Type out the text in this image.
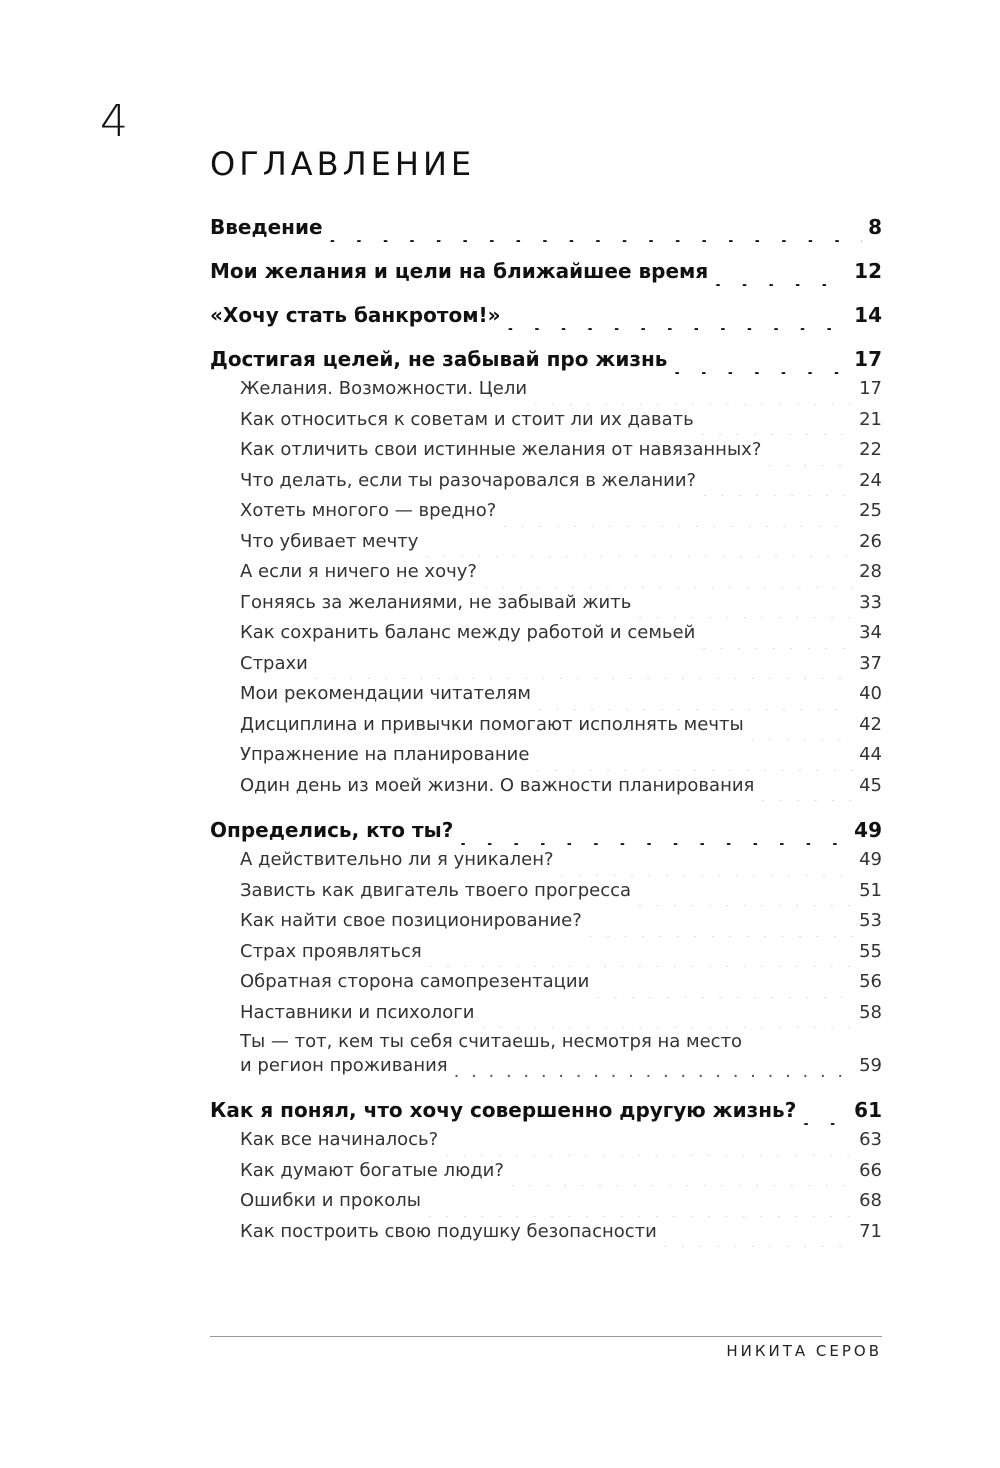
4
ОГЛАВЛЕНИЕ
Введение . . .	8
Мои желания и цели на ближайшее время . . .	12
«Хочу стать банкротом!» . . .	14
Достигая целей, не забывай про жизнь . . .	17
Желания. Возможности. Цели . . .	17
Как относиться к советам и стоит ли их давать . . .	21
Как отличить свои истинные желания от навязанных? . . .	22
Что делать, если ты разочаровался в желании? . . .	24
Хотеть многого — вредно? . . .	25
Что убивает мечту . . .	26
А если я ничего не хочу? . . .	28
Гоняясь за желаниями, не забывай жить . . .	33
Как сохранить баланс между работой и семьей . . .	34
Страхи . . .	37
Мои рекомендации читателям . . .	40
Дисциплина и привычки помогают исполнять мечты . . .	42
Упражнение на планирование . . .	44
Один день из моей жизни. О важности планирования . . .	45
Определись, кто ты? . . .	49
А действительно ли я уникален? . . .	49
Зависть как двигатель твоего прогресса . . .	51
Как найти свое позиционирование? . . .	53
Страх проявляться . . .	55
Обратная сторона самопрезентации . . .	56
Наставники и психологи . . .	58
Ты — тот, кем ты себя считаешь, несмотря на место
и регион проживания . . .	59
Как я понял, что хочу совершенно другую жизнь? . . .	61
Как все начиналось? . . .	63
Как думают богатые люди? . . .	66
Ошибки и проколы . . .	68
Как построить свою подушку безопасности . . .	71
НИКИТА СЕРОВ
